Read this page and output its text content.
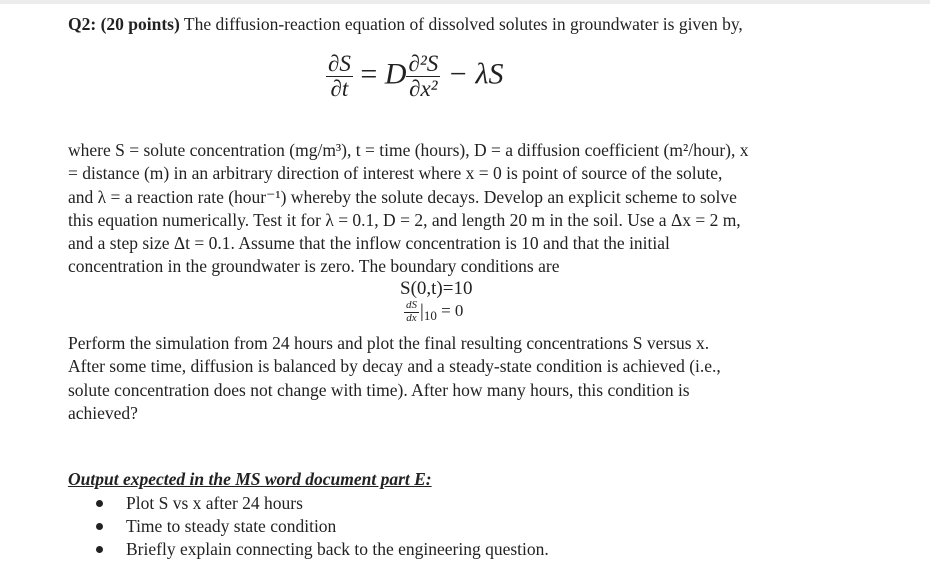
Q2: (20 points) The diffusion-reaction equation of dissolved solutes in groundwater is given by,
$\frac{\partial S}{\partial t} = D \frac{\text{∂²S}}{\text{∂x²}} - \lambda S$
where S = solute concentration (mg/m³), t = time (hours), D = a diffusion coefficient (m²/hour), x
= distance (m) in an arbitrary direction of interest where x = 0 is point of source of the solute,
and λ = a reaction rate (hour⁻¹) whereby the solute decays. Develop an explicit scheme to solve
this equation numerically. Test it for λ = 0.1, D = 2, and length 20 m in the soil. Use a Δx = 2 m,
and a step size Δt = 0.1. Assume that the inflow concentration is 10 and that the initial
concentration in the groundwater is zero. The boundary conditions are
S(0,t)=10
$\frac{dS}{dx} |_{10} = 0$
Perform the simulation from 24 hours and plot the final resulting concentrations S versus x.
After some time, diffusion is balanced by decay and a steady-state condition is achieved (i.e.,
solute concentration does not change with time). After how many hours, this condition is
achieved?
Output expected in the MS word document part E:
Plot S vs x after 24 hours
Time to steady state condition
Briefly explain connecting back to the engineering question.
